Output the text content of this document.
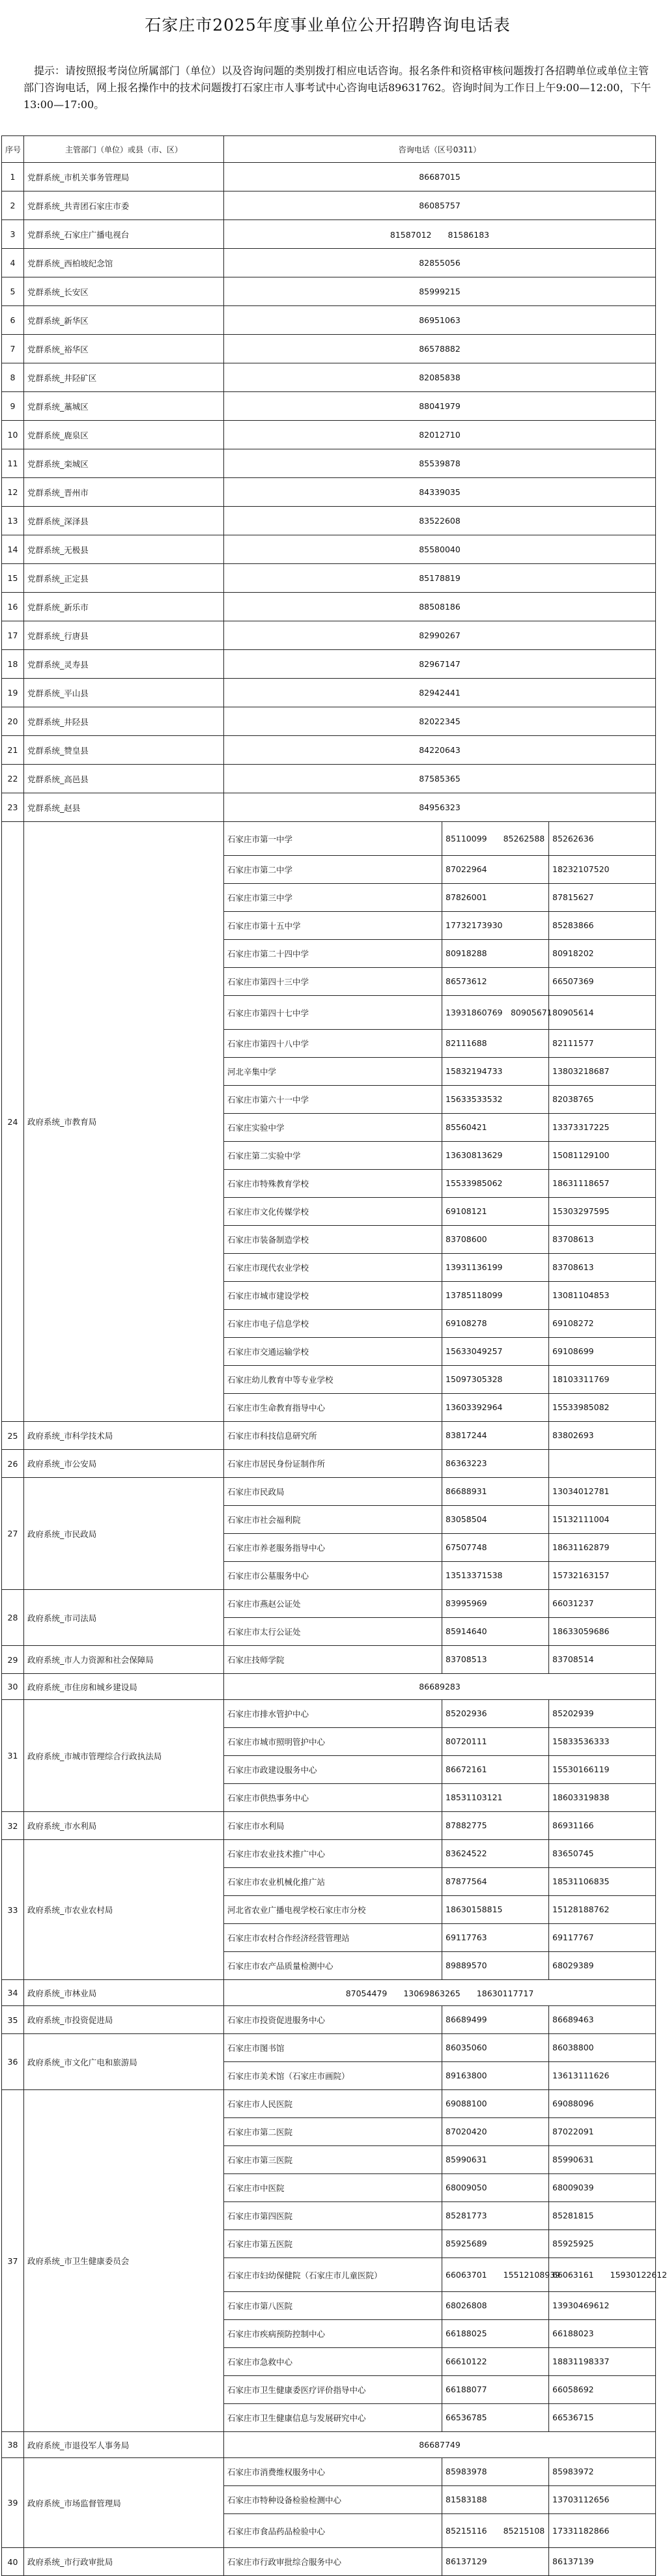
石家庄市2025年度事业单位公开招聘咨询电话表
提示：请按照报考岗位所属部门（单位）以及咨询问题的类别拨打相应电话咨询。报名条件和资格审核问题拨打各招聘单位或单位主管部门咨询电话，网上报名操作中的技术问题拨打石家庄市人事考试中心咨询电话89631762。咨询时间为工作日上午9:00—12:00，下午13:00—17:00。
序号	主管部门（单位）或县（市、区）	咨询电话（区号0311）		
1	党群系统_市机关事务管理局	86687015		
2	党群系统_共青团石家庄市委	86085757		
3	党群系统_石家庄广播电视台	81587012　　81586183		
4	党群系统_西柏坡纪念馆	82855056		
5	党群系统_长安区	85999215		
6	党群系统_新华区	86951063		
7	党群系统_裕华区	86578882		
8	党群系统_井陉矿区	82085838		
9	党群系统_藁城区	88041979		
10	党群系统_鹿泉区	82012710		
11	党群系统_栾城区	85539878		
12	党群系统_晋州市	84339035		
13	党群系统_深泽县	83522608		
14	党群系统_无极县	85580040		
15	党群系统_正定县	85178819		
16	党群系统_新乐市	88508186		
17	党群系统_行唐县	82990267		
18	党群系统_灵寿县	82967147		
19	党群系统_平山县	82942441		
20	党群系统_井陉县	82022345		
21	党群系统_赞皇县	84220643		
22	党群系统_高邑县	87585365		
23	党群系统_赵县	84956323		
24	政府系统_市教育局	石家庄市第一中学	85110099　　85262588	85262636
		石家庄市第二中学	87022964	18232107520
		石家庄市第三中学	87826001	87815627
		石家庄市第十五中学	17732173930	85283866
		石家庄市第二十四中学	80918288	80918202
		石家庄市第四十三中学	86573612	66507369
		石家庄市第四十七中学	13931860769　80905671	80905614
		石家庄市第四十八中学	82111688	82111577
		河北辛集中学	15832194733	13803218687
		石家庄市第六十一中学	15633533532	82038765
		石家庄实验中学	85560421	13373317225
		石家庄第二实验中学	13630813629	15081129100
		石家庄市特殊教育学校	15533985062	18631118657
		石家庄市文化传媒学校	69108121	15303297595
		石家庄市装备制造学校	83708600	83708613
		石家庄市现代农业学校	13931136199	83708613
		石家庄市城市建设学校	13785118099	13081104853
		石家庄市电子信息学校	69108278	69108272
		石家庄市交通运输学校	15633049257	69108699
		石家庄幼儿教育中等专业学校	15097305328	18103311769
		石家庄市生命教育指导中心	13603392964	15533985082
25	政府系统_市科学技术局	石家庄市科技信息研究所	83817244	83802693
26	政府系统_市公安局	石家庄市居民身份证制作所	86363223	
27	政府系统_市民政局	石家庄市民政局	86688931	13034012781
		石家庄市社会福利院	83058504	15132111004
		石家庄市养老服务指导中心	67507748	18631162879
		石家庄市公墓服务中心	13513371538	15732163157
28	政府系统_市司法局	石家庄市燕赵公证处	83995969	66031237
		石家庄市太行公证处	85914640	18633059686
29	政府系统_市人力资源和社会保障局	石家庄技师学院	83708513	83708514
30	政府系统_市住房和城乡建设局	86689283		
31	政府系统_市城市管理综合行政执法局	石家庄市排水管护中心	85202936	85202939
		石家庄市城市照明管护中心	80720111	15833536333
		石家庄市政建设服务中心	86672161	15530166119
		石家庄市供热事务中心	18531103121	18603319838
32	政府系统_市水利局	石家庄市水利局	87882775	86931166
33	政府系统_市农业农村局	石家庄市农业技术推广中心	83624522	83650745
		石家庄市农业机械化推广站	87877564	18531106835
		河北省农业广播电视学校石家庄市分校	18630158815	15128188762
		石家庄市农村合作经济经营管理站	69117763	69117767
		石家庄市农产品质量检测中心	89889570	68029389
34	政府系统_市林业局	87054479　　13069863265　　18630117717		
35	政府系统_市投资促进局	石家庄市投资促进服务中心	86689499	86689463
36	政府系统_市文化广电和旅游局	石家庄市图书馆	86035060	86038800
		石家庄市美术馆（石家庄市画院）	89163800	13613111626
37	政府系统_市卫生健康委员会	石家庄市人民医院	69088100	69088096
		石家庄市第二医院	87020420	87022091
		石家庄市第三医院	85990631	85990631
		石家庄市中医院	68009050	68009039
		石家庄市第四医院	85281773	85281815
		石家庄市第五医院	85925689	85925925
		石家庄市妇幼保健院（石家庄市儿童医院）	66063701　　15512108939	66063161　　15930122612
		石家庄市第八医院	68026808	13930469612
		石家庄市疾病预防控制中心	66188025	66188023
		石家庄市急救中心	66610122	18831198337
		石家庄市卫生健康委医疗评价指导中心	66188077	66058692
		石家庄市卫生健康信息与发展研究中心	66536785	66536715
38	政府系统_市退役军人事务局	86687749		
39	政府系统_市场监督管理局	石家庄市消费维权服务中心	85983978	85983972
		石家庄市特种设备检验检测中心	81583188	13703112656
		石家庄市食品药品检验中心	85215116　　85215108	17331182866
40	政府系统_市行政审批局	石家庄市行政审批综合服务中心	86137129	86137139
